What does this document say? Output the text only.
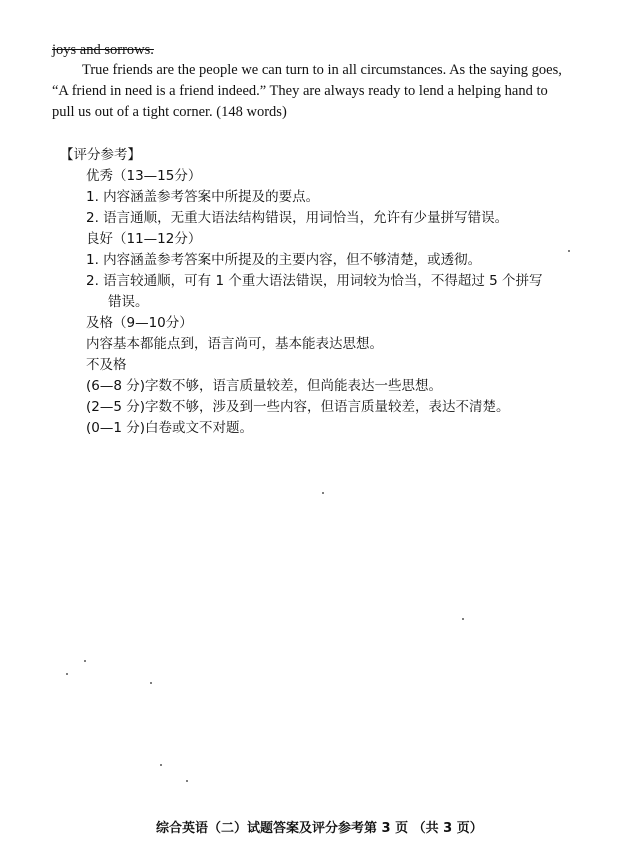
joys and sorrows.
True friends are the people we can turn to in all circumstances. As the saying goes,
“A friend in need is a friend indeed.” They are always ready to lend a helping hand to
pull us out of a tight corner. (148 words)
【评分参考】
优秀（13—15分）
1. 内容涵盖参考答案中所提及的要点。
2. 语言通顺，无重大语法结构错误，用词恰当，允许有少量拼写错误。
良好（11—12分）
1. 内容涵盖参考答案中所提及的主要内容，但不够清楚，或透彻。
2. 语言较通顺，可有 1 个重大语法错误，用词较为恰当，不得超过 5 个拼写
错误。
及格（9—10分）
内容基本都能点到，语言尚可，基本能表达思想。
不及格
(6—8 分)字数不够，语言质量较差，但尚能表达一些思想。
(2—5 分)字数不够，涉及到一些内容，但语言质量较差，表达不清楚。
(0—1 分)白卷或文不对题。
综合英语（二）试题答案及评分参考第 3 页 （共 3 页）
